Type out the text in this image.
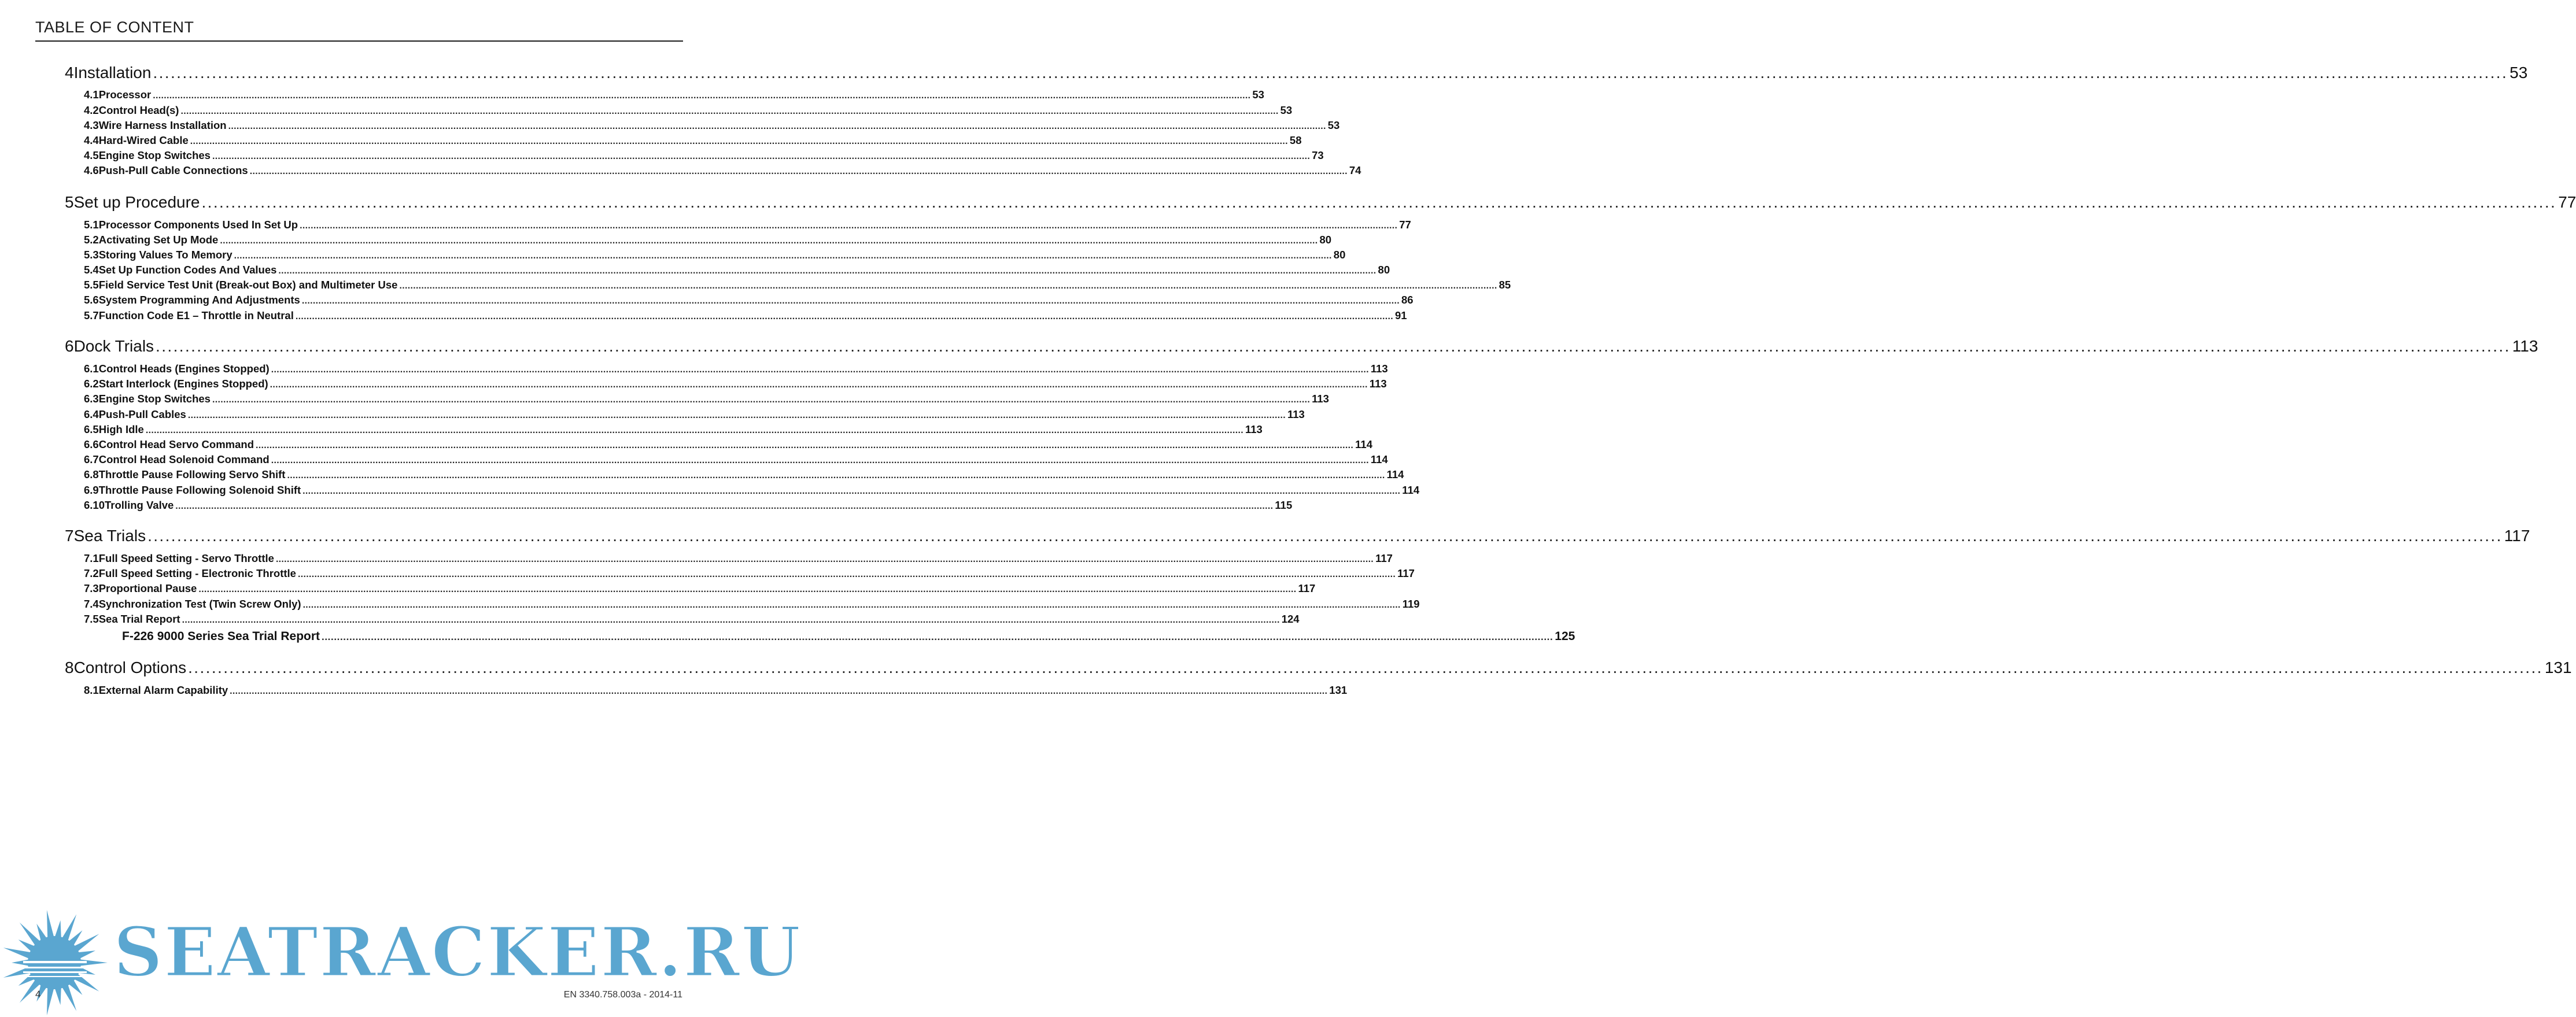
TABLE OF CONTENT
4 Installation ................................................................................................................................................................................................................................................................................................................................................................................................................ 53
4.1 Processor ................................................................................................................................................................................................................................................................................................................................................................................................................ 53
4.2 Control Head(s) ................................................................................................................................................................................................................................................................................................................................................................................................................ 53
4.3 Wire Harness Installation ................................................................................................................................................................................................................................................................................................................................................................................................................ 53
4.4 Hard-Wired Cable ................................................................................................................................................................................................................................................................................................................................................................................................................ 58
4.5 Engine Stop Switches ................................................................................................................................................................................................................................................................................................................................................................................................................ 73
4.6 Push-Pull Cable Connections ................................................................................................................................................................................................................................................................................................................................................................................................................ 74
5 Set up Procedure ................................................................................................................................................................................................................................................................................................................................................................................................................ 77
5.1 Processor Components Used In Set Up ................................................................................................................................................................................................................................................................................................................................................................................................................ 77
5.2 Activating Set Up Mode ................................................................................................................................................................................................................................................................................................................................................................................................................ 80
5.3 Storing Values To Memory ................................................................................................................................................................................................................................................................................................................................................................................................................ 80
5.4 Set Up Function Codes And Values ................................................................................................................................................................................................................................................................................................................................................................................................................ 80
5.5 Field Service Test Unit (Break-out Box) and Multimeter Use ................................................................................................................................................................................................................................................................................................................................................................................................................ 85
5.6 System Programming And Adjustments ................................................................................................................................................................................................................................................................................................................................................................................................................ 86
5.7 Function Code E1 – Throttle in Neutral ................................................................................................................................................................................................................................................................................................................................................................................................................ 91
6 Dock Trials ................................................................................................................................................................................................................................................................................................................................................................................................................ 113
6.1 Control Heads (Engines Stopped) ................................................................................................................................................................................................................................................................................................................................................................................................................ 113
6.2 Start Interlock (Engines Stopped) ................................................................................................................................................................................................................................................................................................................................................................................................................ 113
6.3 Engine Stop Switches ................................................................................................................................................................................................................................................................................................................................................................................................................ 113
6.4 Push-Pull Cables ................................................................................................................................................................................................................................................................................................................................................................................................................ 113
6.5 High Idle ................................................................................................................................................................................................................................................................................................................................................................................................................ 113
6.6 Control Head Servo Command ................................................................................................................................................................................................................................................................................................................................................................................................................ 114
6.7 Control Head Solenoid Command ................................................................................................................................................................................................................................................................................................................................................................................................................ 114
6.8 Throttle Pause Following Servo Shift ................................................................................................................................................................................................................................................................................................................................................................................................................ 114
6.9 Throttle Pause Following Solenoid Shift ................................................................................................................................................................................................................................................................................................................................................................................................................ 114
6.10 Trolling Valve ................................................................................................................................................................................................................................................................................................................................................................................................................ 115
7 Sea Trials ................................................................................................................................................................................................................................................................................................................................................................................................................ 117
7.1 Full Speed Setting - Servo Throttle ................................................................................................................................................................................................................................................................................................................................................................................................................ 117
7.2 Full Speed Setting - Electronic Throttle ................................................................................................................................................................................................................................................................................................................................................................................................................ 117
7.3 Proportional Pause ................................................................................................................................................................................................................................................................................................................................................................................................................ 117
7.4 Synchronization Test (Twin Screw Only) ................................................................................................................................................................................................................................................................................................................................................................................................................ 119
7.5 Sea Trial Report ................................................................................................................................................................................................................................................................................................................................................................................................................ 124
F-226 9000 Series Sea Trial Report ................................................................................................................................................................................................................................................................................................................................................................................................................ 125
8 Control Options ................................................................................................................................................................................................................................................................................................................................................................................................................ 131
8.1 External Alarm Capability ................................................................................................................................................................................................................................................................................................................................................................................................................ 131
SEATRACKER.RU
4	EN 3340.758.003a - 2014-11
